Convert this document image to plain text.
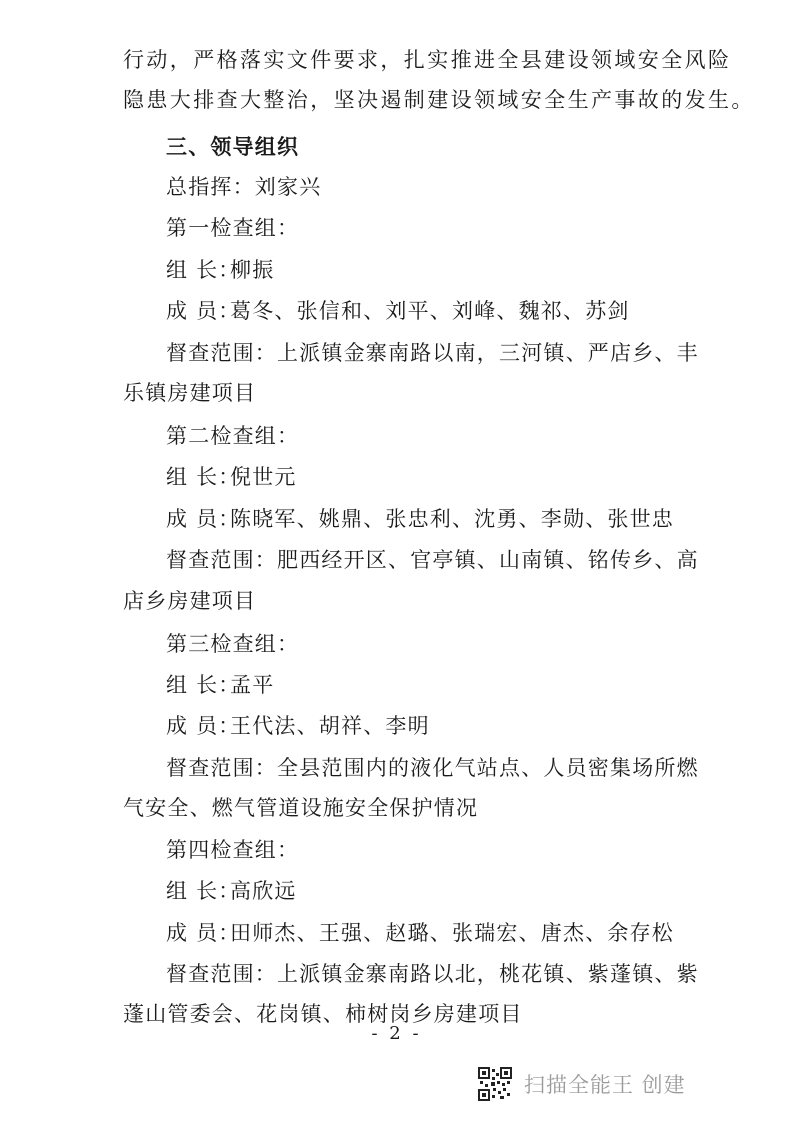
行动，严格落实文件要求，扎实推进全县建设领域安全风险
隐患大排查大整治，坚决遏制建设领域安全生产事故的发生。
三、领导组织
总指挥：刘家兴
第一检查组：
组 长：柳振
成 员：葛冬、张信和、刘平、刘峰、魏祁、苏剑
督查范围：上派镇金寨南路以南，三河镇、严店乡、丰
乐镇房建项目
第二检查组：
组 长：倪世元
成 员：陈晓军、姚鼎、张忠利、沈勇、李勋、张世忠
督查范围：肥西经开区、官亭镇、山南镇、铭传乡、高
店乡房建项目
第三检查组：
组 长：孟平
成 员：王代法、胡祥、李明
督查范围：全县范围内的液化气站点、人员密集场所燃
气安全、燃气管道设施安全保护情况
第四检查组：
组 长：高欣远
成 员：田师杰、王强、赵璐、张瑞宏、唐杰、余存松
督查范围：上派镇金寨南路以北，桃花镇、紫蓬镇、紫
蓬山管委会、花岗镇、柿树岗乡房建项目
- 2 -
扫描全能王 创建
